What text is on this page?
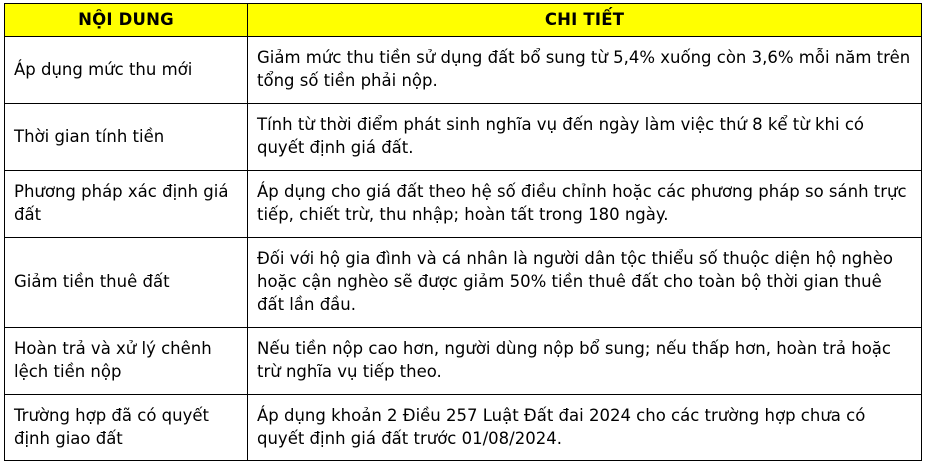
NỘI DUNG	CHI TIẾT
Áp dụng mức thu mới	Giảm mức thu tiền sử dụng đất bổ sung từ 5,4% xuống còn 3,6% mỗi năm trên tổng số tiền phải nộp.
Thời gian tính tiền	Tính từ thời điểm phát sinh nghĩa vụ đến ngày làm việc thứ 8 kể từ khi có quyết định giá đất.
Phương pháp xác định giá đất	Áp dụng cho giá đất theo hệ số điều chỉnh hoặc các phương pháp so sánh trực tiếp, chiết trừ, thu nhập; hoàn tất trong 180 ngày.
Giảm tiền thuê đất	Đối với hộ gia đình và cá nhân là người dân tộc thiểu số thuộc diện hộ nghèo hoặc cận nghèo sẽ được giảm 50% tiền thuê đất cho toàn bộ thời gian thuê đất lần đầu.
Hoàn trả và xử lý chênh lệch tiền nộp	Nếu tiền nộp cao hơn, người dùng nộp bổ sung; nếu thấp hơn, hoàn trả hoặc trừ nghĩa vụ tiếp theo.
Trường hợp đã có quyết định giao đất	Áp dụng khoản 2 Điều 257 Luật Đất đai 2024 cho các trường hợp chưa có quyết định giá đất trước 01/08/2024.
